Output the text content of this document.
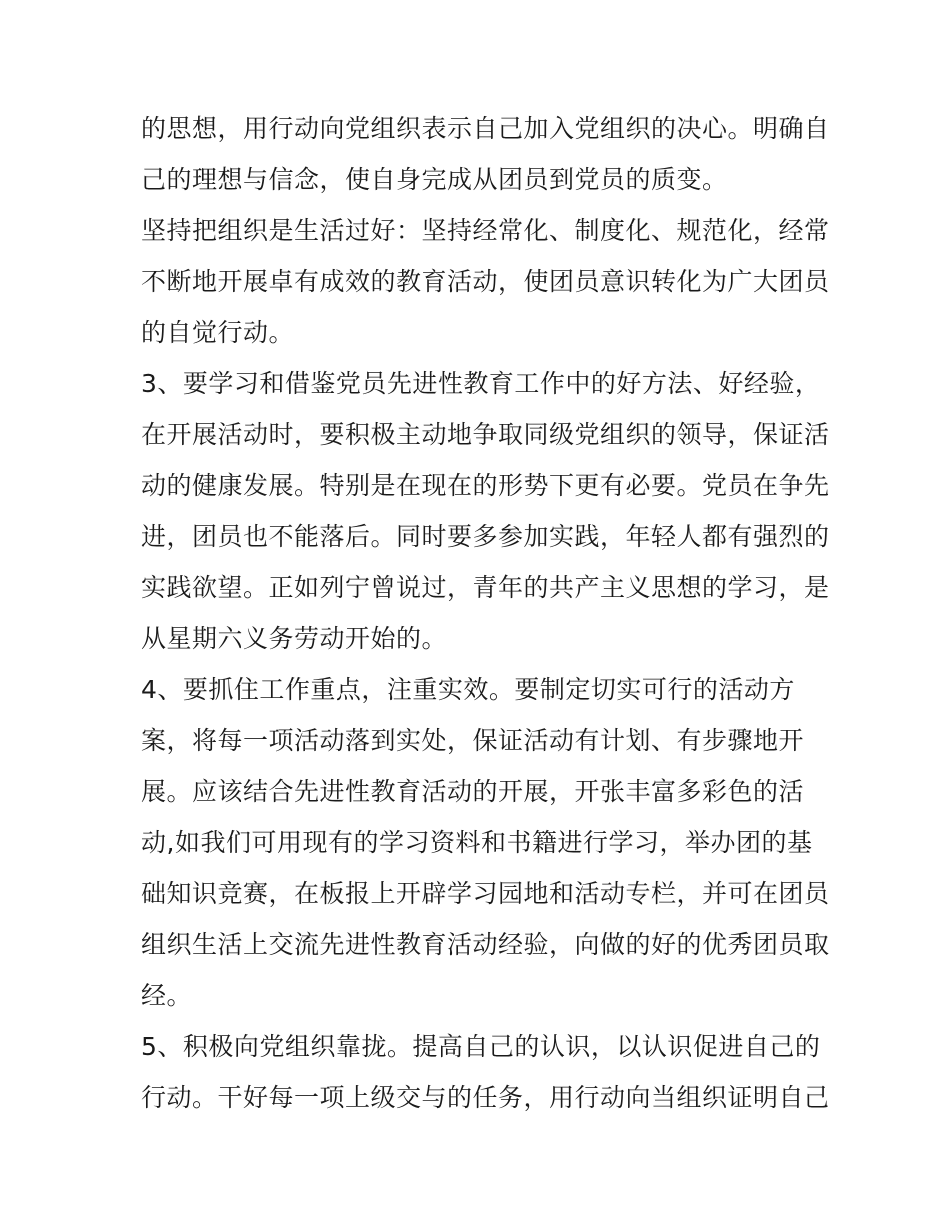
的思想，用行动向党组织表示自己加入党组织的决心。明确自
己的理想与信念，使自身完成从团员到党员的质变。
坚持把组织是生活过好：坚持经常化、制度化、规范化，经常
不断地开展卓有成效的教育活动，使团员意识转化为广大团员
的自觉行动。
3、要学习和借鉴党员先进性教育工作中的好方法、好经验，
在开展活动时，要积极主动地争取同级党组织的领导，保证活
动的健康发展。特别是在现在的形势下更有必要。党员在争先
进，团员也不能落后。同时要多参加实践，年轻人都有强烈的
实践欲望。正如列宁曾说过，青年的共产主义思想的学习，是
从星期六义务劳动开始的。
4、要抓住工作重点，注重实效。要制定切实可行的活动方
案，将每一项活动落到实处，保证活动有计划、有步骤地开
展。应该结合先进性教育活动的开展，开张丰富多彩色的活
动,如我们可用现有的学习资料和书籍进行学习，举办团的基
础知识竞赛，在板报上开辟学习园地和活动专栏，并可在团员
组织生活上交流先进性教育活动经验，向做的好的优秀团员取
经。
5、积极向党组织靠拢。提高自己的认识，以认识促进自己的
行动。干好每一项上级交与的任务，用行动向当组织证明自己
